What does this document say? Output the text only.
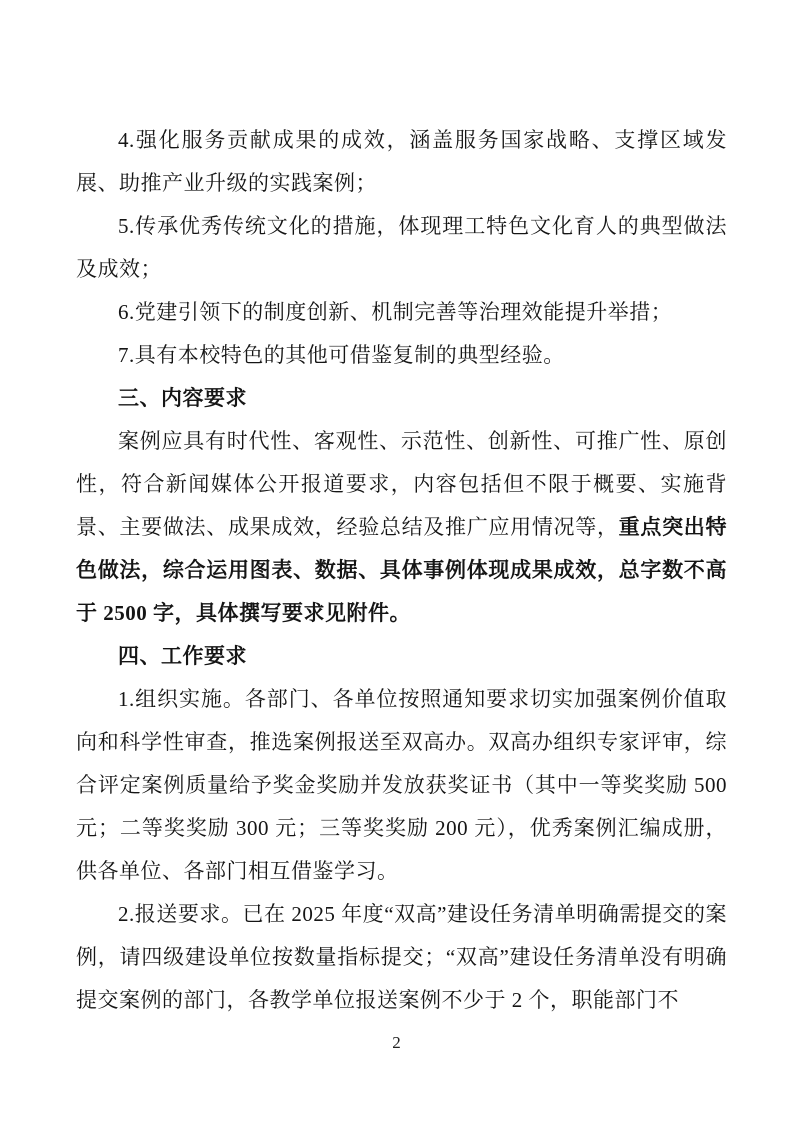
4.强化服务贡献成果的成效，涵盖服务国家战略、支撑区域发展、助推产业升级的实践案例；

5.传承优秀传统文化的措施，体现理工特色文化育人的典型做法及成效；

6.党建引领下的制度创新、机制完善等治理效能提升举措；

7.具有本校特色的其他可借鉴复制的典型经验。

三、内容要求

案例应具有时代性、客观性、示范性、创新性、可推广性、原创性，符合新闻媒体公开报道要求，内容包括但不限于概要、实施背景、主要做法、成果成效，经验总结及推广应用情况等，重点突出特色做法，综合运用图表、数据、具体事例体现成果成效，总字数不高于 2500 字，具体撰写要求见附件。

四、工作要求

1.组织实施。各部门、各单位按照通知要求切实加强案例价值取向和科学性审查，推选案例报送至双高办。双高办组织专家评审，综合评定案例质量给予奖金奖励并发放获奖证书（其中一等奖奖励 500 元；二等奖奖励 300 元；三等奖奖励 200 元），优秀案例汇编成册，供各单位、各部门相互借鉴学习。

2.报送要求。已在 2025 年度“双高”建设任务清单明确需提交的案例，请四级建设单位按数量指标提交；“双高”建设任务清单没有明确提交案例的部门，各教学单位报送案例不少于 2 个，职能部门不

2
